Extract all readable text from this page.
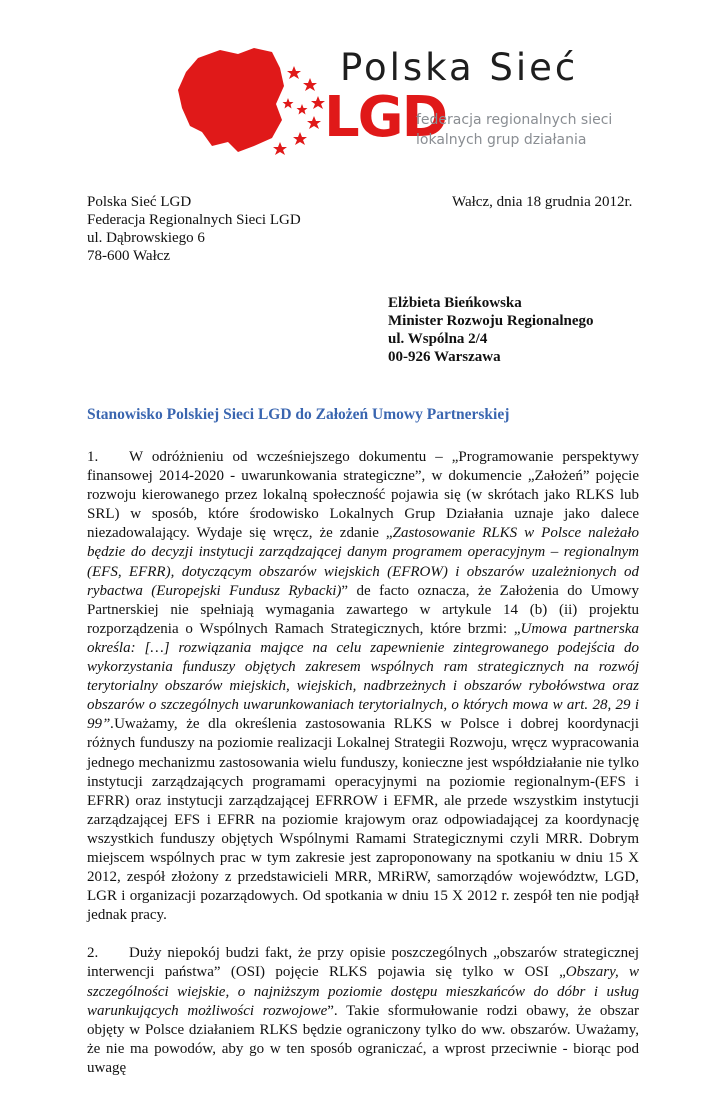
Polska Sieć
LGD
federacja regionalnych sieci
lokalnych grup działania
Polska Sieć LGD
Federacja Regionalnych Sieci LGD
ul. Dąbrowskiego 6
78-600 Wałcz
Wałcz, dnia 18 grudnia 2012r.
Elżbieta Bieńkowska
Minister Rozwoju Regionalnego
ul. Wspólna 2/4
00-926 Warszawa
Stanowisko Polskiej Sieci LGD do Założeń Umowy Partnerskiej

1. W odróżnieniu od wcześniejszego dokumentu – „Programowanie perspektywy finansowej 2014-2020 - uwarunkowania strategiczne”, w dokumencie „Założeń” pojęcie rozwoju kierowanego przez lokalną społeczność pojawia się (w skrótach jako RLKS lub SRL) w sposób, które środowisko Lokalnych Grup Działania uznaje jako dalece niezadowalający. Wydaje się wręcz, że zdanie „Zastosowanie RLKS w Polsce należało będzie do decyzji instytucji zarządzającej danym programem operacyjnym – regionalnym (EFS, EFRR), dotyczącym obszarów wiejskich (EFROW) i obszarów uzależnionych od rybactwa (Europejski Fundusz Rybacki)” de facto oznacza, że Założenia do Umowy Partnerskiej nie spełniają wymagania zawartego w artykule 14 (b) (ii) projektu rozporządzenia o Wspólnych Ramach Strategicznych, które brzmi: „Umowa partnerska określa: […] rozwiązania mające na celu zapewnienie zintegrowanego podejścia do wykorzystania funduszy objętych zakresem wspólnych ram strategicznych na rozwój terytorialny obszarów miejskich, wiejskich, nadbrzeżnych i obszarów rybołówstwa oraz obszarów o szczególnych uwarunkowaniach terytorialnych, o których mowa w art. 28, 29 i 99”.Uważamy, że dla określenia zastosowania RLKS w Polsce i dobrej koordynacji różnych funduszy na poziomie realizacji Lokalnej Strategii Rozwoju, wręcz wypracowania jednego mechanizmu zastosowania wielu funduszy, konieczne jest współdziałanie nie tylko instytucji zarządzających programami operacyjnymi na poziomie regionalnym-(EFS i EFRR) oraz instytucji zarządzającej EFRROW i EFMR, ale przede wszystkim instytucji zarządzającej EFS i EFRR na poziomie krajowym oraz odpowiadającej za koordynację wszystkich funduszy objętych Wspólnymi Ramami Strategicznymi czyli MRR. Dobrym miejscem wspólnych prac w tym zakresie jest zaproponowany na spotkaniu w dniu 15 X 2012, zespół złożony z przedstawicieli MRR, MRiRW, samorządów województw, LGD, LGR i organizacji pozarządowych. Od spotkania w dniu 15 X 2012 r. zespół ten nie podjął jednak pracy.

2. Duży niepokój budzi fakt, że przy opisie poszczególnych „obszarów strategicznej interwencji państwa” (OSI) pojęcie RLKS pojawia się tylko w OSI „Obszary, w szczególności wiejskie, o najniższym poziomie dostępu mieszkańców do dóbr i usług warunkujących możliwości rozwojowe”. Takie sformułowanie rodzi obawy, że obszar objęty w Polsce działaniem RLKS będzie ograniczony tylko do ww. obszarów. Uważamy, że nie ma powodów, aby go w ten sposób ograniczać, a wprost przeciwnie - biorąc pod uwagę
